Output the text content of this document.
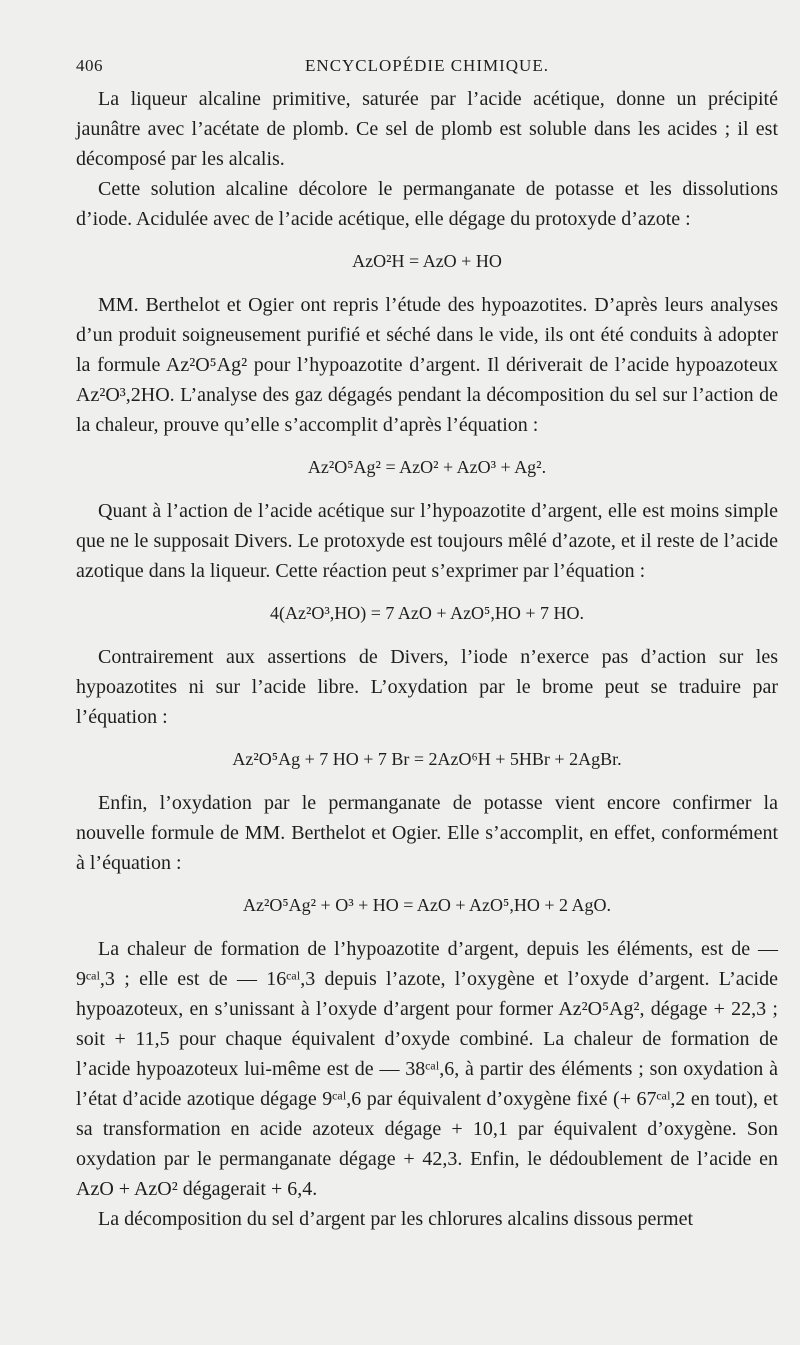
406	ENCYCLOPÉDIE CHIMIQUE.

La liqueur alcaline primitive, saturée par l’acide acétique, donne un précipité jaunâtre avec l’acétate de plomb. Ce sel de plomb est soluble dans les acides ; il est décomposé par les alcalis.

Cette solution alcaline décolore le permanganate de potasse et les dissolutions d’iode. Acidulée avec de l’acide acétique, elle dégage du protoxyde d’azote :

AzO²H = AzO + HO

MM. Berthelot et Ogier ont repris l’étude des hypoazotites. D’après leurs analyses d’un produit soigneusement purifié et séché dans le vide, ils ont été conduits à adopter la formule Az²O⁵Ag² pour l’hypoazotite d’argent. Il dériverait de l’acide hypoazoteux Az²O³,2HO. L’analyse des gaz dégagés pendant la décomposition du sel sur l’action de la chaleur, prouve qu’elle s’accomplit d’après l’équation :

Az²O⁵Ag² = AzO² + AzO³ + Ag².

Quant à l’action de l’acide acétique sur l’hypoazotite d’argent, elle est moins simple que ne le supposait Divers. Le protoxyde est toujours mêlé d’azote, et il reste de l’acide azotique dans la liqueur. Cette réaction peut s’exprimer par l’équation :

4(Az²O³,HO) = 7 AzO + AzO⁵,HO + 7 HO.

Contrairement aux assertions de Divers, l’iode n’exerce pas d’action sur les hypoazotites ni sur l’acide libre. L’oxydation par le brome peut se traduire par l’équation :

Az²O⁵Ag + 7 HO + 7 Br = 2AzO⁶H + 5HBr + 2AgBr.

Enfin, l’oxydation par le permanganate de potasse vient encore confirmer la nouvelle formule de MM. Berthelot et Ogier. Elle s’accomplit, en effet, conformément à l’équation :

Az²O⁵Ag² + O³ + HO = AzO + AzO⁵,HO + 2 AgO.

La chaleur de formation de l’hypoazotite d’argent, depuis les éléments, est de — 9ᶜᵃˡ,3 ; elle est de — 16ᶜᵃˡ,3 depuis l’azote, l’oxygène et l’oxyde d’argent. L’acide hypoazoteux, en s’unissant à l’oxyde d’argent pour former Az²O⁵Ag², dégage + 22,3 ; soit + 11,5 pour chaque équivalent d’oxyde combiné. La chaleur de formation de l’acide hypoazoteux lui-même est de — 38ᶜᵃˡ,6, à partir des éléments ; son oxydation à l’état d’acide azotique dégage 9ᶜᵃˡ,6 par équivalent d’oxygène fixé (+ 67ᶜᵃˡ,2 en tout), et sa transformation en acide azoteux dégage + 10,1 par équivalent d’oxygène. Son oxydation par le permanganate dégage + 42,3. Enfin, le dédoublement de l’acide en AzO + AzO² dégagerait + 6,4.

La décomposition du sel d’argent par les chlorures alcalins dissous permet
